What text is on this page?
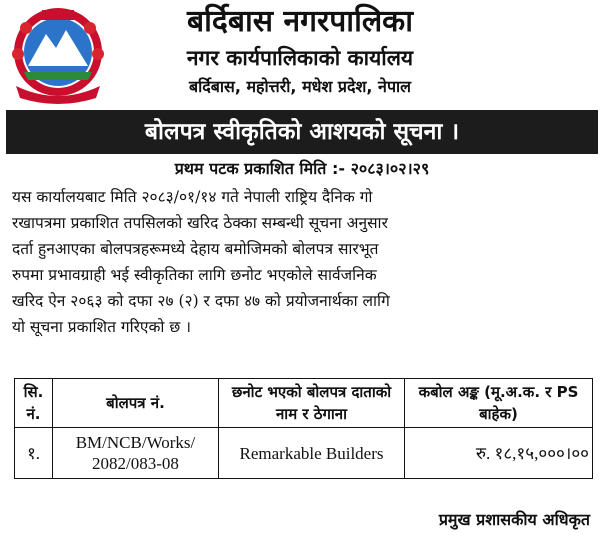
बर्दिबास नगरपालिका
नगर कार्यपालिकाको कार्यालय
बर्दिबास, महोत्तरी, मधेश प्रदेश, नेपाल
बोलपत्र स्वीकृतिको आशयको सूचना ।
प्रथम पटक प्रकाशित मिति :- २०८३।०२।२९
यस कार्यालयबाट मिति २०८३/०१/१४ गते नेपाली राष्ट्रिय दैनिक गो
रखापत्रमा प्रकाशित तपसिलको खरिद ठेक्का सम्बन्धी सूचना अनुसार
दर्ता हुनआएका बोलपत्रहरूमध्ये देहाय बमोजिमको बोलपत्र सारभूत
रुपमा प्रभावग्राही भई स्वीकृतिका लागि छनोट भएकोले सार्वजनिक
खरिद ऐन २०६३ को दफा २७ (२) र दफा ४७ को प्रयोजनार्थका लागि
यो सूचना प्रकाशित गरिएको छ ।
सि. नं.	बोलपत्र नं.	छनोट भएको बोलपत्र दाताको नाम र ठेगाना	कबोल अङ्क (मू.अ.क. र PS बाहेक)
१.	BM/NCB/Works/ 2082/083-08	Remarkable Builders	रु. १८,१५,०००।००
प्रमुख प्रशासकीय अधिकृत
